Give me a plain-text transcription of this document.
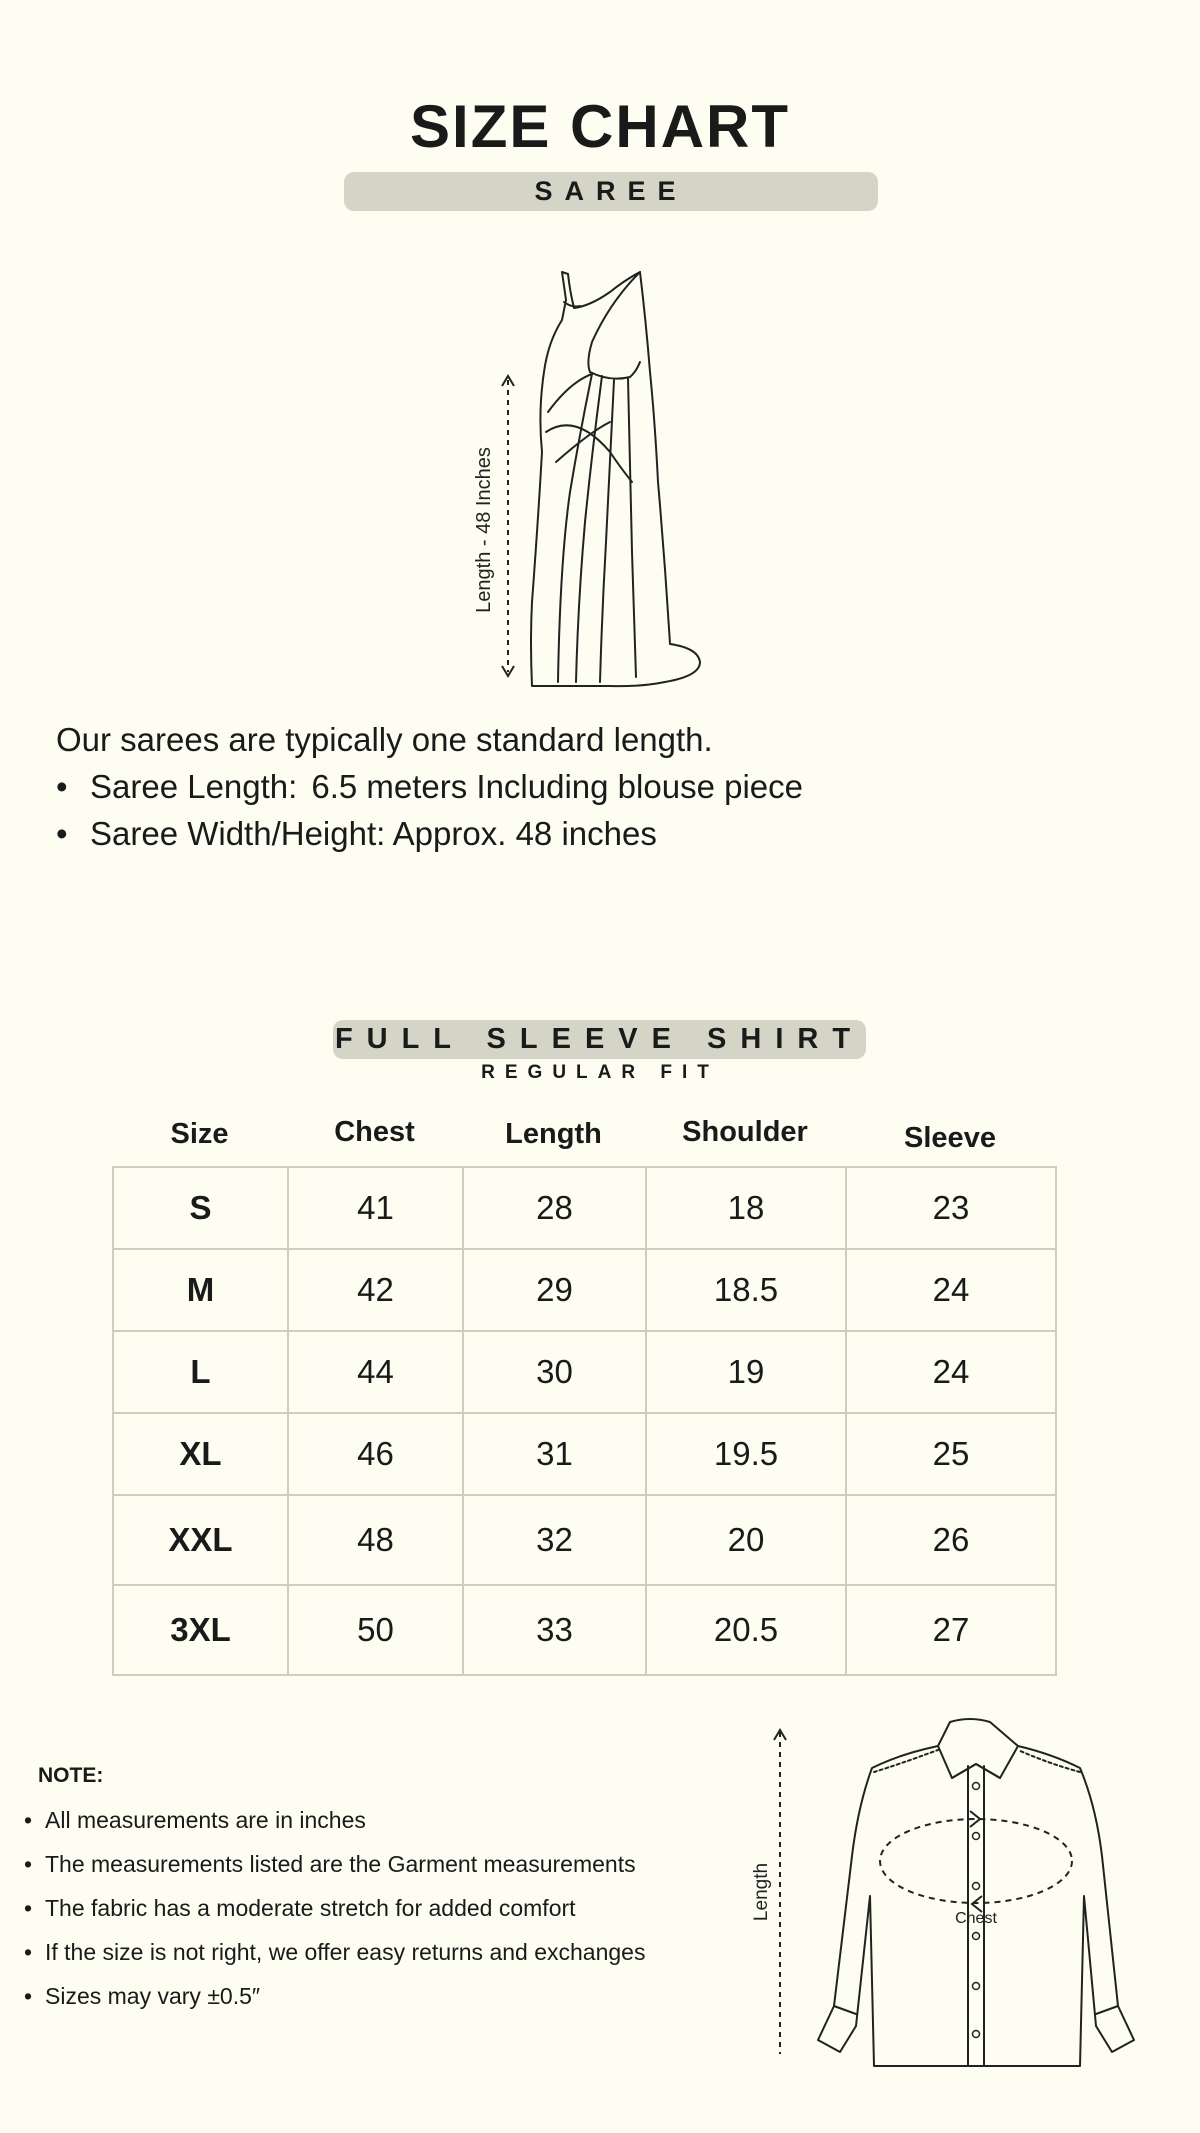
SIZE CHART
SAREE
Length - 48 Inches

Our sarees are typically one standard length.

• Saree Length: 6.5 meters Including blouse piece
• Saree Width/Height: Approx. 48 inches
FULL SLEEVE SHIRT
REGULAR FIT
Size	Chest	Length	Shoulder	Sleeve
S	41	28	18	23
M	42	29	18.5	24
L	44	30	19	24
XL	46	31	19.5	25
XXL	48	32	20	26
3XL	50	33	20.5	27
NOTE:
• All measurements are in inches
• The measurements listed are the Garment measurements
• The fabric has a moderate stretch for added comfort
• If the size is not right, we offer easy returns and exchanges
• Sizes may vary ±0.5″
Chest
Length
